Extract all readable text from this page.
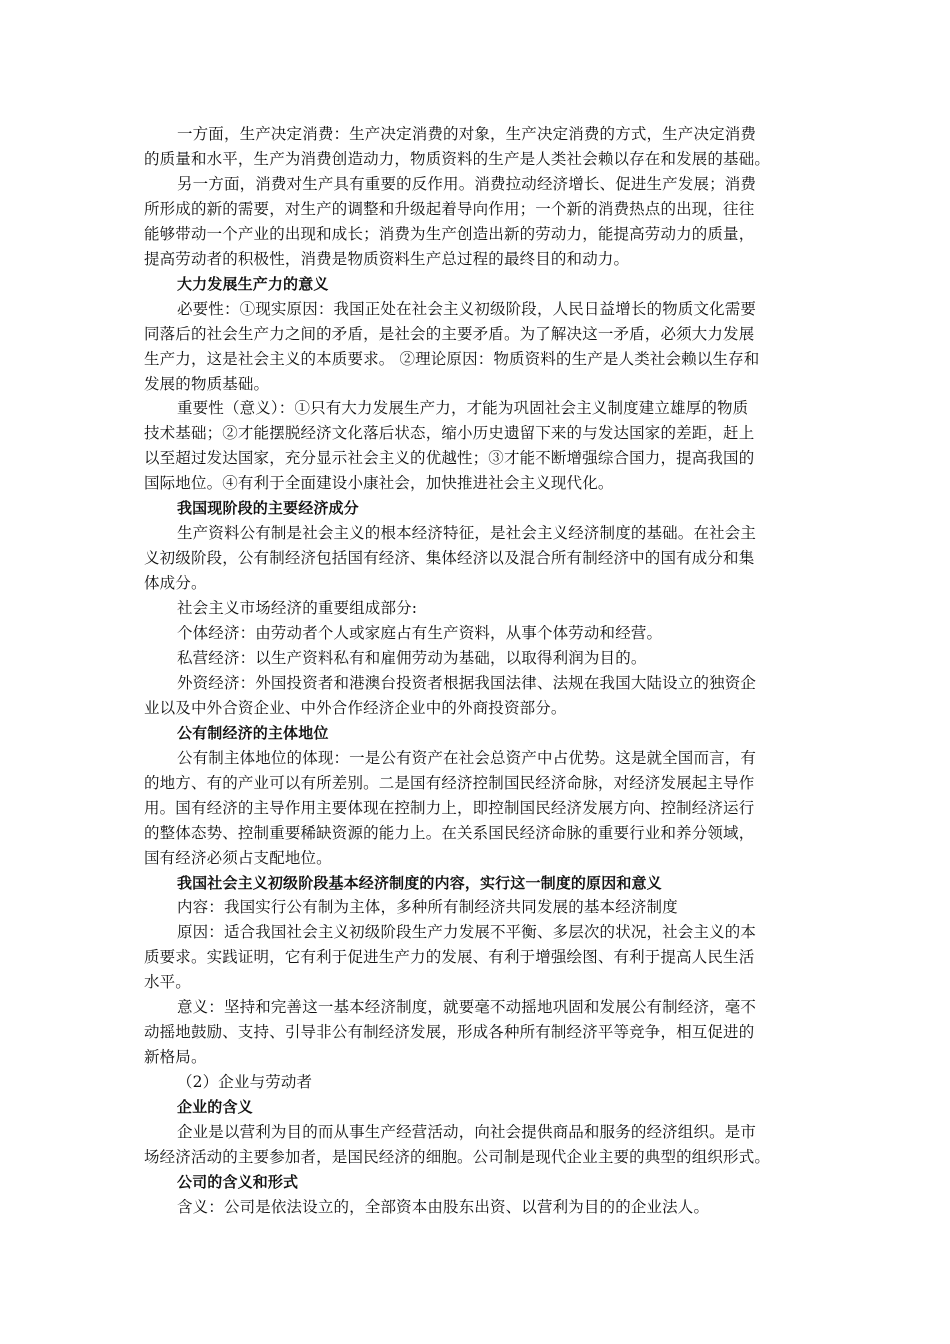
一方面，生产决定消费：生产决定消费的对象，生产决定消费的方式，生产决定消费
的质量和水平，生产为消费创造动力，物质资料的生产是人类社会赖以存在和发展的基础。
另一方面，消费对生产具有重要的反作用。消费拉动经济增长、促进生产发展；消费
所形成的新的需要，对生产的调整和升级起着导向作用；一个新的消费热点的出现，往往
能够带动一个产业的出现和成长；消费为生产创造出新的劳动力，能提高劳动力的质量，
提高劳动者的积极性，消费是物质资料生产总过程的最终目的和动力。
大力发展生产力的意义
必要性：①现实原因：我国正处在社会主义初级阶段，人民日益增长的物质文化需要
同落后的社会生产力之间的矛盾，是社会的主要矛盾。为了解决这一矛盾，必须大力发展
生产力，这是社会主义的本质要求。 ②理论原因：物质资料的生产是人类社会赖以生存和
发展的物质基础。
重要性（意义）：①只有大力发展生产力，才能为巩固社会主义制度建立雄厚的物质
技术基础；②才能摆脱经济文化落后状态，缩小历史遗留下来的与发达国家的差距，赶上
以至超过发达国家，充分显示社会主义的优越性；③才能不断增强综合国力，提高我国的
国际地位。④有利于全面建设小康社会，加快推进社会主义现代化。
我国现阶段的主要经济成分
生产资料公有制是社会主义的根本经济特征，是社会主义经济制度的基础。在社会主
义初级阶段，公有制经济包括国有经济、集体经济以及混合所有制经济中的国有成分和集
体成分。
社会主义市场经济的重要组成部分:
个体经济：由劳动者个人或家庭占有生产资料，从事个体劳动和经营。
私营经济：以生产资料私有和雇佣劳动为基础，以取得利润为目的。
外资经济：外国投资者和港澳台投资者根据我国法律、法规在我国大陆设立的独资企
业以及中外合资企业、中外合作经济企业中的外商投资部分。
公有制经济的主体地位
公有制主体地位的体现：一是公有资产在社会总资产中占优势。这是就全国而言，有
的地方、有的产业可以有所差别。二是国有经济控制国民经济命脉，对经济发展起主导作
用。国有经济的主导作用主要体现在控制力上，即控制国民经济发展方向、控制经济运行
的整体态势、控制重要稀缺资源的能力上。在关系国民经济命脉的重要行业和养分领域，
国有经济必须占支配地位。
我国社会主义初级阶段基本经济制度的内容，实行这一制度的原因和意义
内容：我国实行公有制为主体，多种所有制经济共同发展的基本经济制度
原因：适合我国社会主义初级阶段生产力发展不平衡、多层次的状况，社会主义的本
质要求。实践证明，它有利于促进生产力的发展、有利于增强绘图、有利于提高人民生活
水平。
意义：坚持和完善这一基本经济制度，就要毫不动摇地巩固和发展公有制经济，毫不
动摇地鼓励、支持、引导非公有制经济发展，形成各种所有制经济平等竞争，相互促进的
新格局。
（2）企业与劳动者
企业的含义
企业是以营利为目的而从事生产经营活动，向社会提供商品和服务的经济组织。是市
场经济活动的主要参加者，是国民经济的细胞。公司制是现代企业主要的典型的组织形式。
公司的含义和形式
含义：公司是依法设立的，全部资本由股东出资、以营利为目的的企业法人。
